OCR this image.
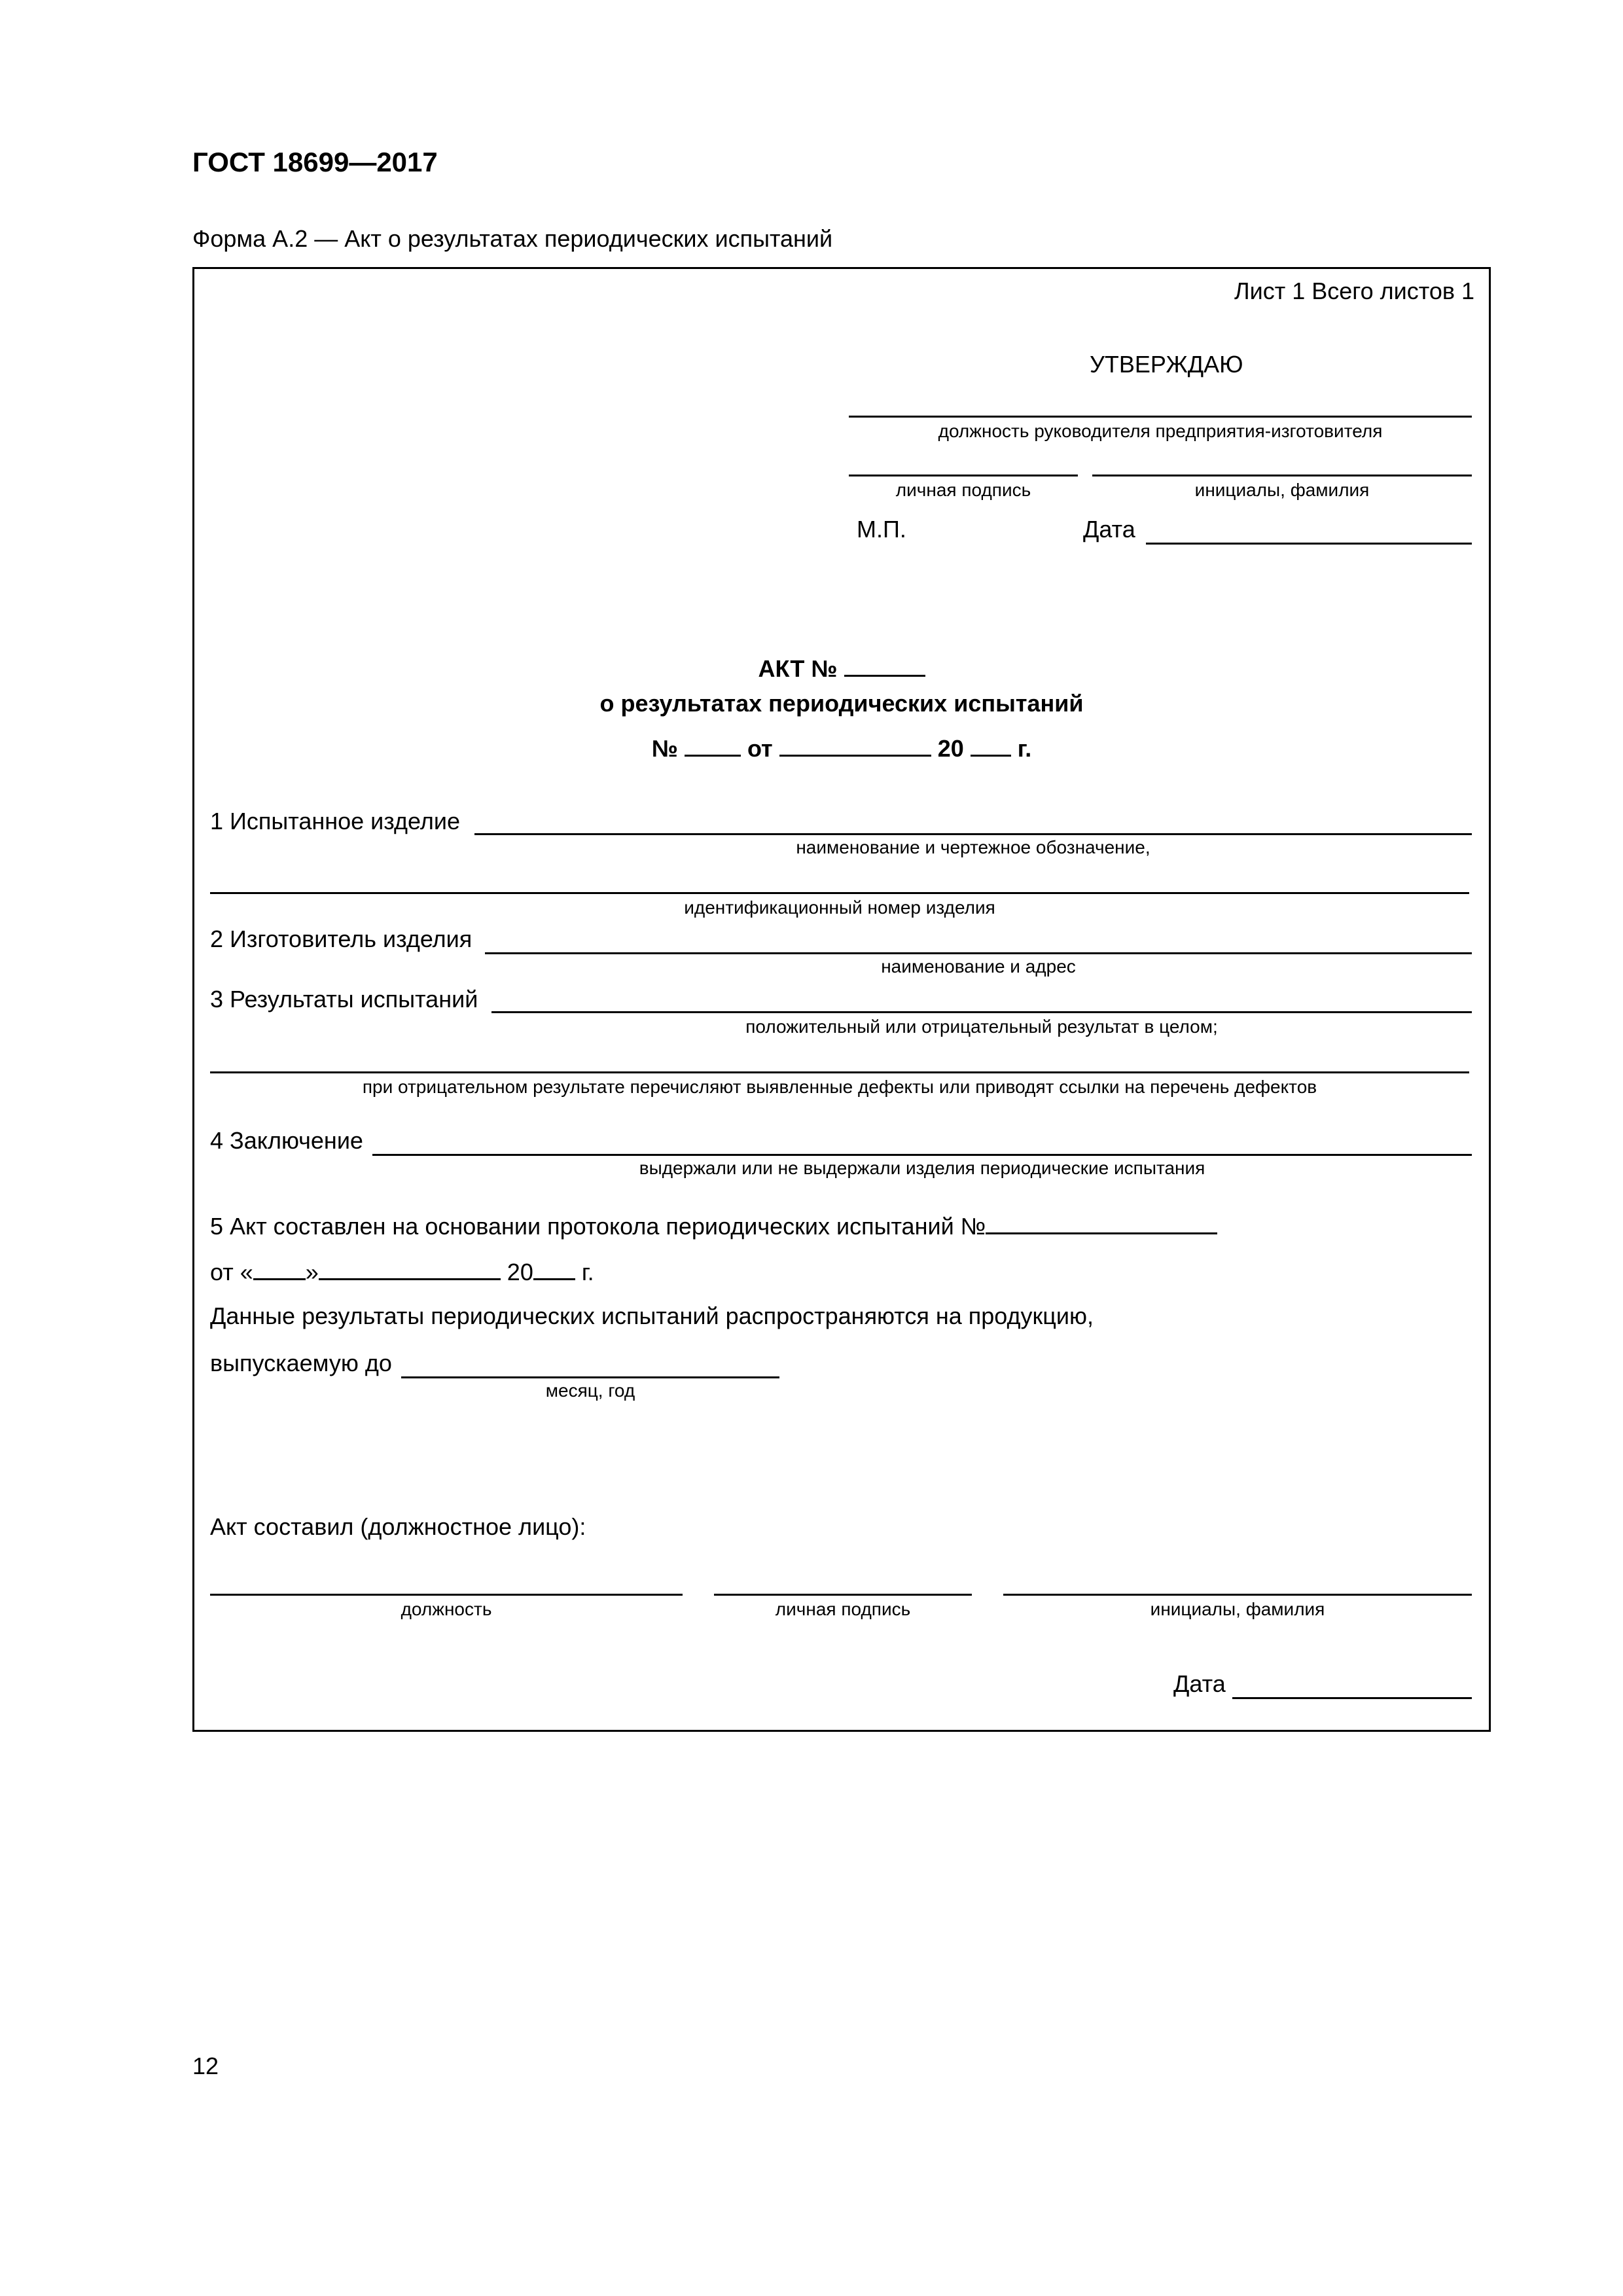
ГОСТ 18699—2017
Форма А.2 — Акт о результатах периодических испытаний
Лист 1 Всего листов 1
УТВЕРЖДАЮ
должность руководителя предприятия-изготовителя
личная подпись	инициалы, фамилия
М.П.	Дата
АКТ №
о результатах периодических испытаний
№	от	20 г.
1 Испытанное изделие
наименование и чертежное обозначение,
идентификационный номер изделия
2 Изготовитель изделия
наименование и адрес
3 Результаты испытаний
положительный или отрицательный результат в целом;
при отрицательном результате перечисляют выявленные дефекты или приводят ссылки на перечень дефектов
4 Заключение
выдержали или не выдержали изделия периодические испытания
5 Акт составлен на основании протокола периодических испытаний №
от « »	20 г.
Данные результаты периодических испытаний распространяются на продукцию,
выпускаемую до
месяц, год
Акт составил (должностное лицо):
должность	личная подпись	инициалы, фамилия
Дата
12
